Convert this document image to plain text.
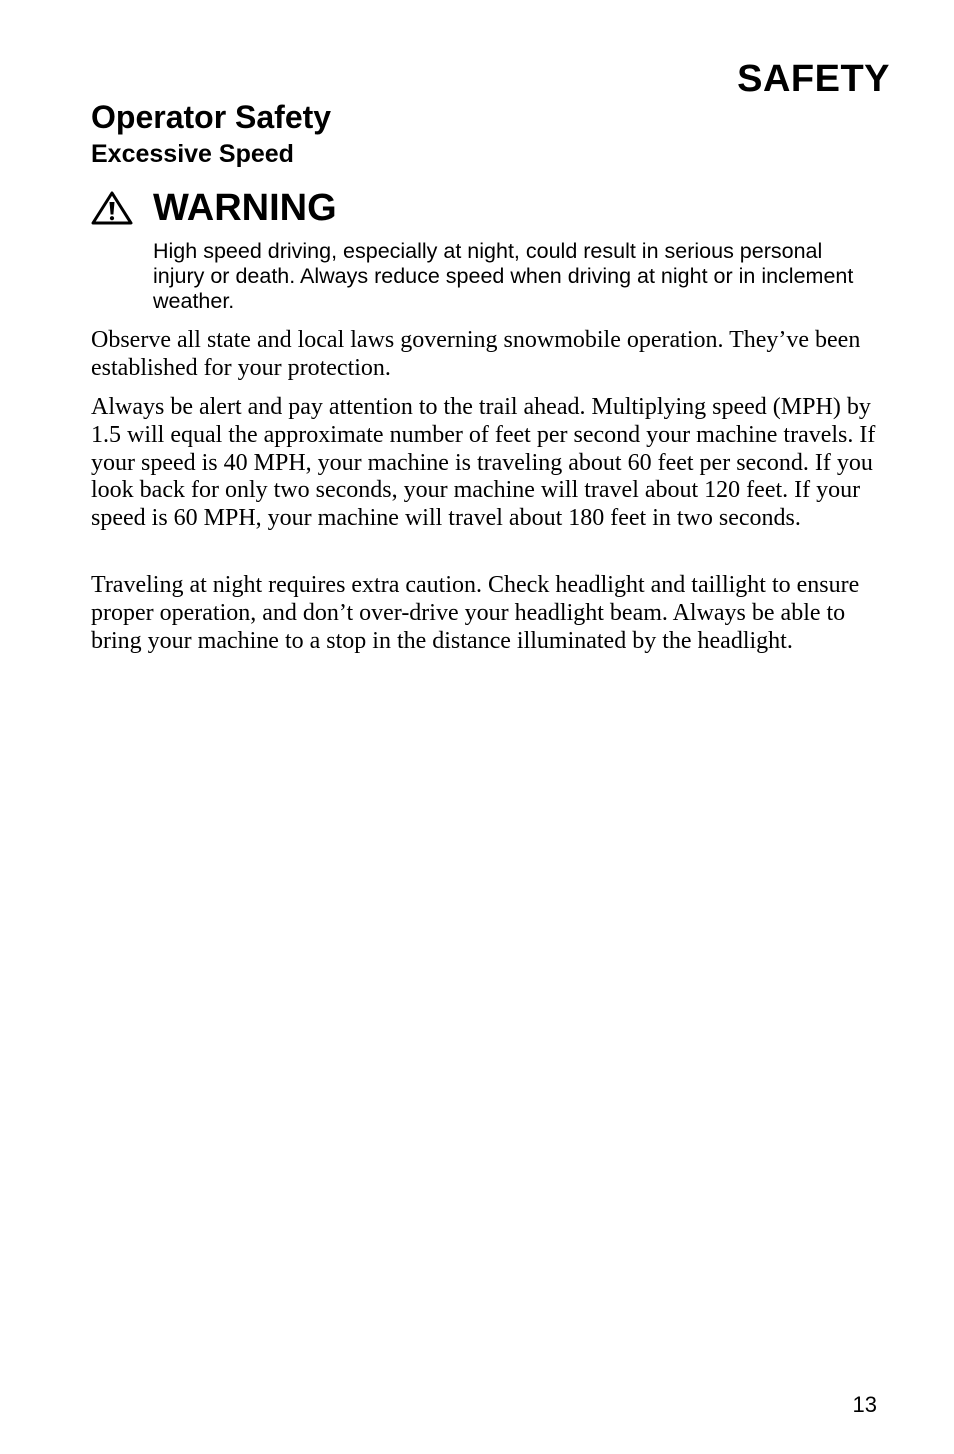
SAFETY
Operator Safety
Excessive Speed
WARNING

High speed driving, especially at night, could result in serious personal injury or death. Always reduce speed when driving at night or in inclement weather.

Observe all state and local laws governing snowmobile operation. They’ve been established for your protection.

Always be alert and pay attention to the trail ahead. Multiplying speed (MPH) by 1.5 will equal the approximate number of feet per second your machine travels. If your speed is 40 MPH, your machine is traveling about 60 feet per second. If you look back for only two seconds, your machine will travel about 120 feet. If your speed is 60 MPH, your machine will travel about 180 feet in two seconds.

Traveling at night requires extra caution. Check headlight and taillight to ensure proper operation, and don’t over-drive your headlight beam. Always be able to bring your machine to a stop in the distance illuminated by the headlight.

13
